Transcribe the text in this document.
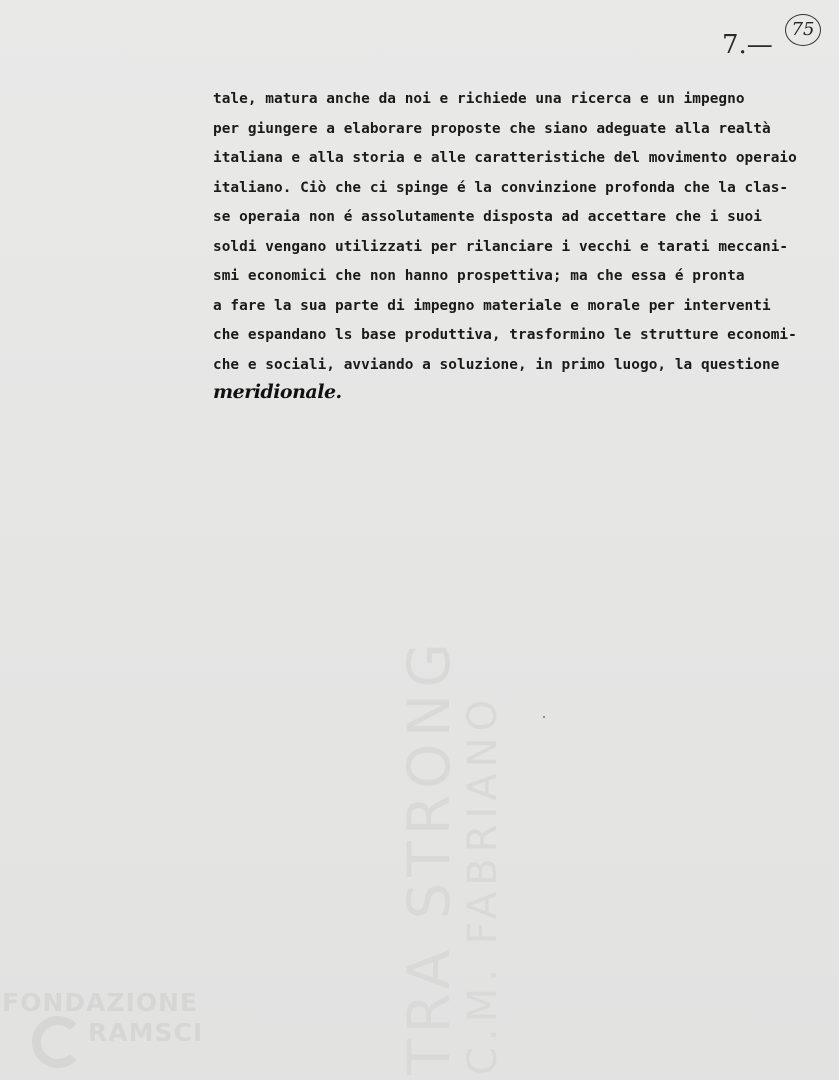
TRA STRONG
C.M. FABRIANO
7.—
75
tale, matura anche da noi e richiede una ricerca e un impegno
per giungere a elaborare proposte che siano adeguate alla realtà
italiana e alla storia e alle caratteristiche del movimento operaio
italiano. Ciò che ci spinge é la convinzione profonda che la clas-
se operaia non é assolutamente disposta ad accettare che i suoi
soldi vengano utilizzati per rilanciare i vecchi e tarati meccani-
smi economici che non hanno prospettiva; ma che essa é pronta
a fare la sua parte di impegno materiale e morale per interventi
che espandano ls base produttiva, trasformino le strutture economi-
che e sociali, avviando a soluzione, in primo luogo, la questione
meridionale.
FONDAZIONE
RAMSCI
